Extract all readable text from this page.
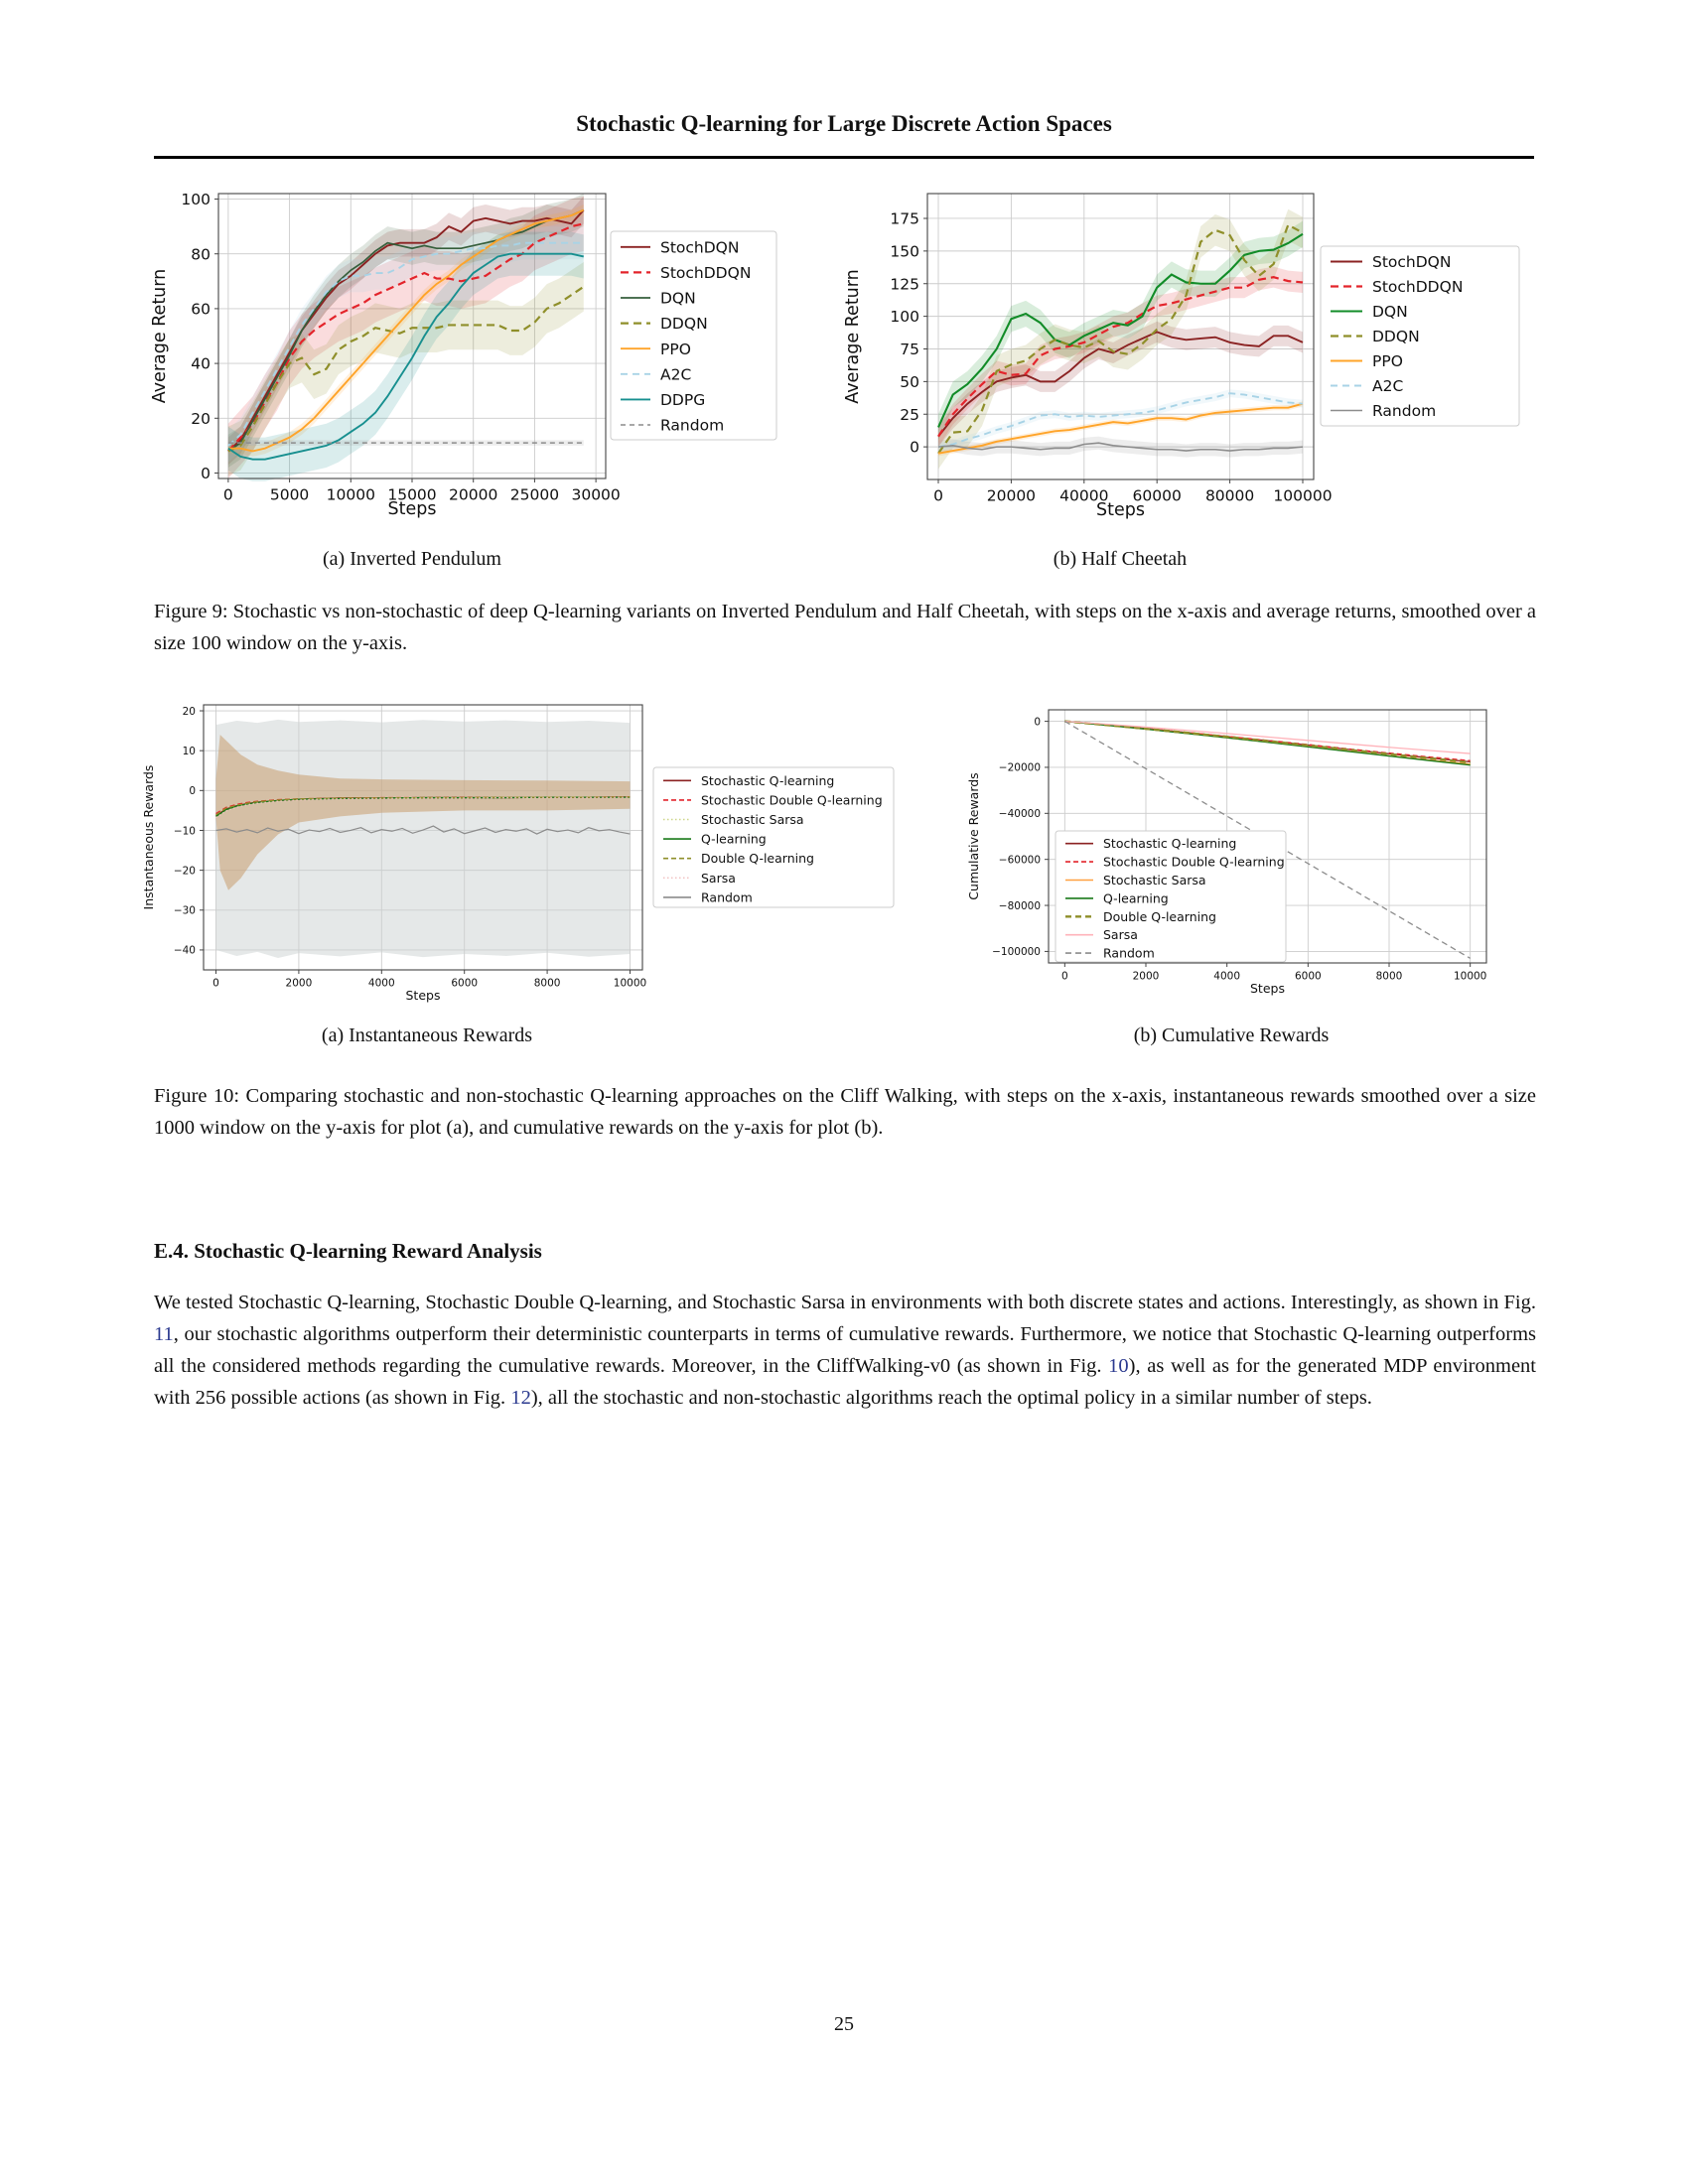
Stochastic Q-learning for Large Discrete Action Spaces
0 5000 10000 15000 20000 25000 30000
0
20
40
60
80
100
Steps
Average Return
StochDQN
StochDDQN
DQN
DDQN
PPO
A2C
DDPG
Random
0	20000 40000 60000 80000 100000
0
25
50
75
100
125
150
175
Steps
Average Return
StochDQN
StochDDQN
DQN
DDQN
PPO
A2C
Random
(a) Inverted Pendulum	(b) Half Cheetah
Figure 9: Stochastic vs non-stochastic of deep Q-learning variants on Inverted Pendulum and Half Cheetah, with steps on the x-axis and average returns, smoothed over a size 100 window on the y-axis.
0	2000	4000	6000	8000	10000
20
10
0
−10
−20
−30
−40
Steps
Instantaneous Rewards	Stochastic Q-learning
Stochastic Double Q-learning
Stochastic Sarsa
Q-learning
Double Q-learning
Sarsa
Random
0	2000	4000	6000	8000	10000
0
−20000
−40000
−60000
−80000
−100000
Steps
Cumulative Rewards	Stochastic Q-learning
Stochastic Double Q-learning
Stochastic Sarsa
Q-learning
Double Q-learning
Sarsa
Random
(a) Instantaneous Rewards	(b) Cumulative Rewards
Figure 10: Comparing stochastic and non-stochastic Q-learning approaches on the Cliff Walking, with steps on the x-axis, instantaneous rewards smoothed over a size 1000 window on the y-axis for plot (a), and cumulative rewards on the y-axis for plot (b).
E.4. Stochastic Q-learning Reward Analysis
We tested Stochastic Q-learning, Stochastic Double Q-learning, and Stochastic Sarsa in environments with both discrete states and actions. Interestingly, as shown in Fig. 11, our stochastic algorithms outperform their deterministic counterparts in terms of cumulative rewards. Furthermore, we notice that Stochastic Q-learning outperforms all the considered methods regarding the cumulative rewards. Moreover, in the CliffWalking-v0 (as shown in Fig. 10), as well as for the generated MDP environment with 256 possible actions (as shown in Fig. 12), all the stochastic and non-stochastic algorithms reach the optimal policy in a similar number of steps.
25
